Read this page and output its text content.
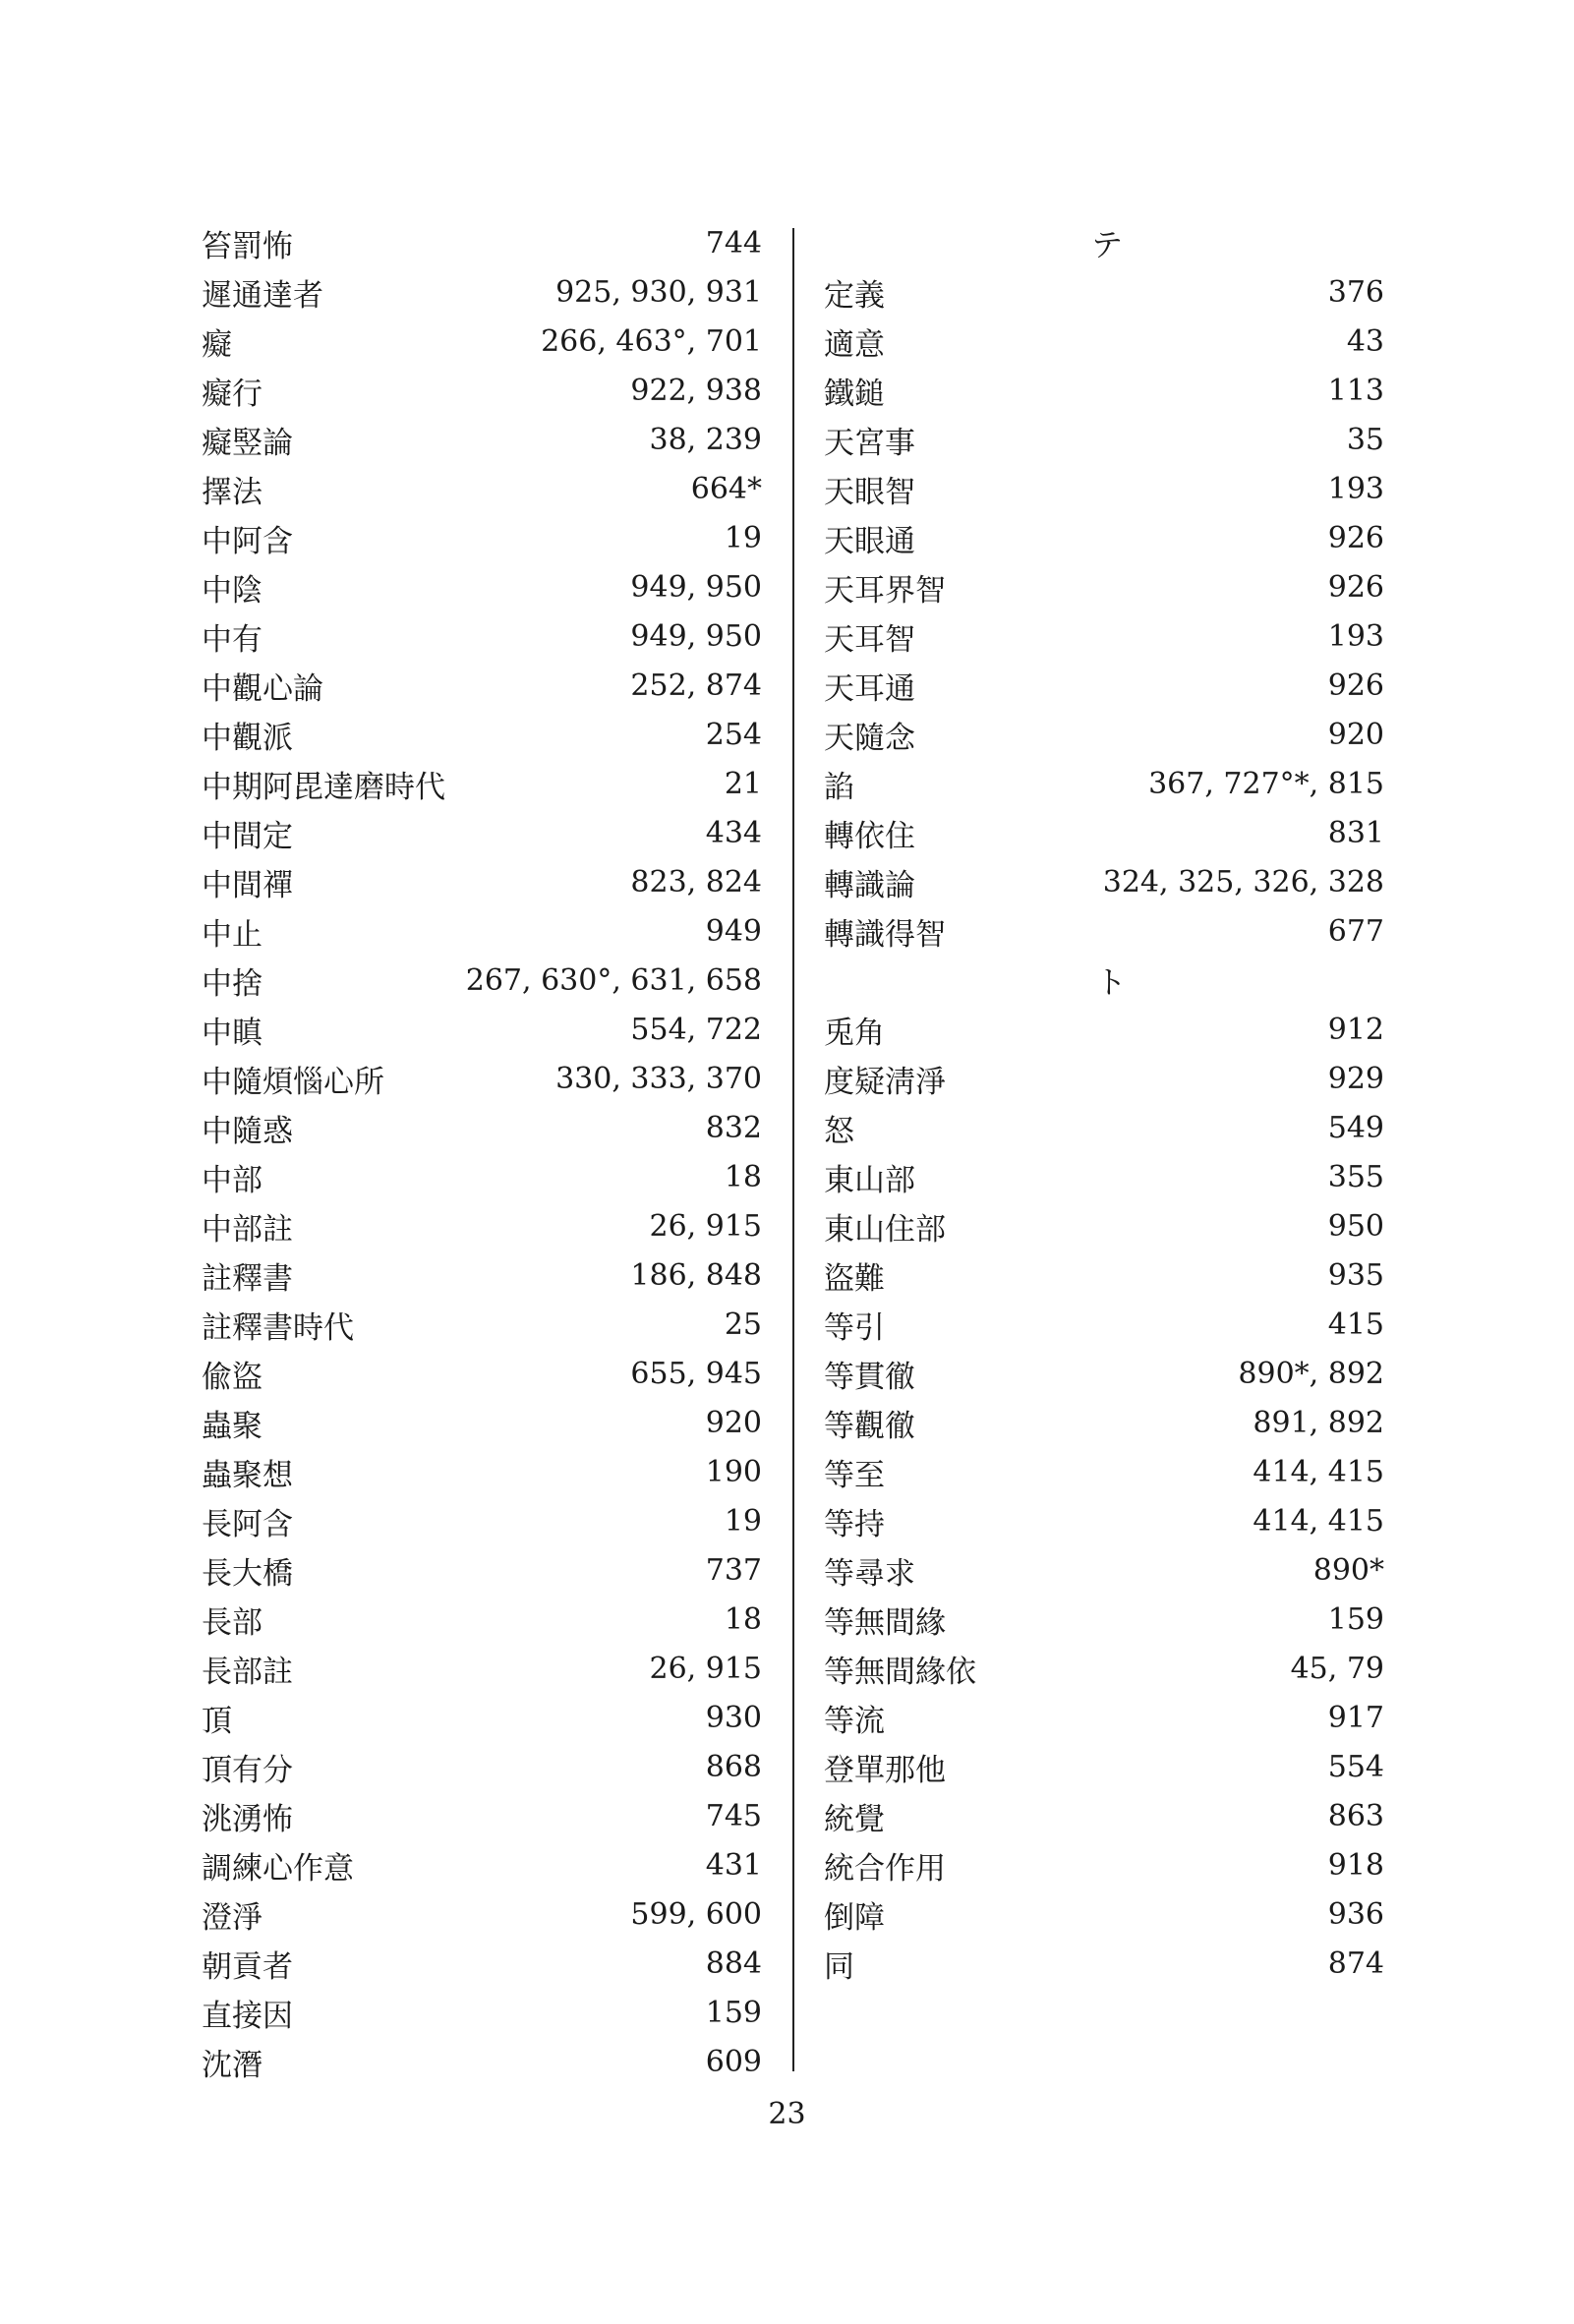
笞罰怖	744
遲通達者	925, 930, 931
癡	266, 463°, 701
癡行	922, 938
癡竪論	38, 239
擇法	664*
中阿含	19
中陰	949, 950
中有	949, 950
中觀心論	252, 874
中觀派	254
中期阿毘達磨時代	21
中間定	434
中間禪	823, 824
中止	949
中捨	267, 630°, 631, 658
中瞋	554, 722
中隨煩惱心所	330, 333, 370
中隨惑	832
中部	18
中部註	26, 915
註釋書	186, 848
註釋書時代	25
偸盜	655, 945
蟲聚	920
蟲聚想	190
長阿含	19
長大橋	737
長部	18
長部註	26, 915
頂	930
頂有分	868
洮湧怖	745
調練心作意	431
澄淨	599, 600
朝貢者	884
直接因	159
沈潛	609
テ
定義	376
適意	43
鐵鎚	113
天宮事	35
天眼智	193
天眼通	926
天耳界智	926
天耳智	193
天耳通	926
天隨念	920
諂	367, 727°*, 815
轉依住	831
轉識論	324, 325, 326, 328
轉識得智	677
ト
兎角	912
度疑淸淨	929
怒	549
東山部	355
東山住部	950
盜難	935
等引	415
等貫徹	890*, 892
等觀徹	891, 892
等至	414, 415
等持	414, 415
等尋求	890*
等無間緣	159
等無間緣依	45, 79
等流	917
登單那他	554
統覺	863
統合作用	918
倒障	936
同	874
23
